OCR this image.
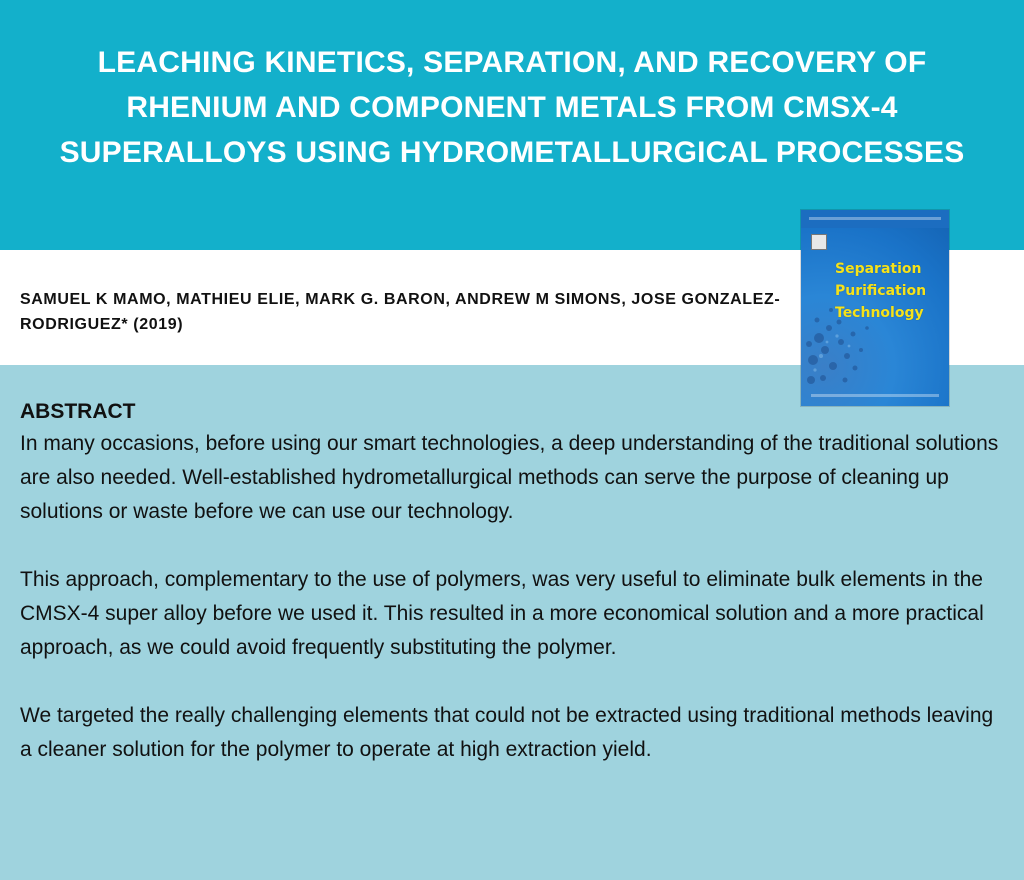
LEACHING KINETICS, SEPARATION, AND RECOVERY OF RHENIUM AND COMPONENT METALS FROM CMSX-4 SUPERALLOYS USING HYDROMETALLURGICAL PROCESSES

SAMUEL K MAMO, MATHIEU ELIE, MARK G. BARON, ANDREW M SIMONS, JOSE GONZALEZ-RODRIGUEZ* (2019)

Separation
Purification
Technology

ABSTRACT

In many occasions, before using our smart technologies, a deep understanding of the traditional solutions are also needed. Well-established hydrometallurgical methods can serve the purpose of cleaning up solutions or waste before we can use our technology.

This approach, complementary to the use of polymers, was very useful to eliminate bulk elements in the CMSX-4 super alloy before we used it. This resulted in a more economical solution and a more practical approach, as we could avoid frequently substituting the polymer.

We targeted the really challenging elements that could not be extracted using traditional methods leaving a cleaner solution for the polymer to operate at high extraction yield.
